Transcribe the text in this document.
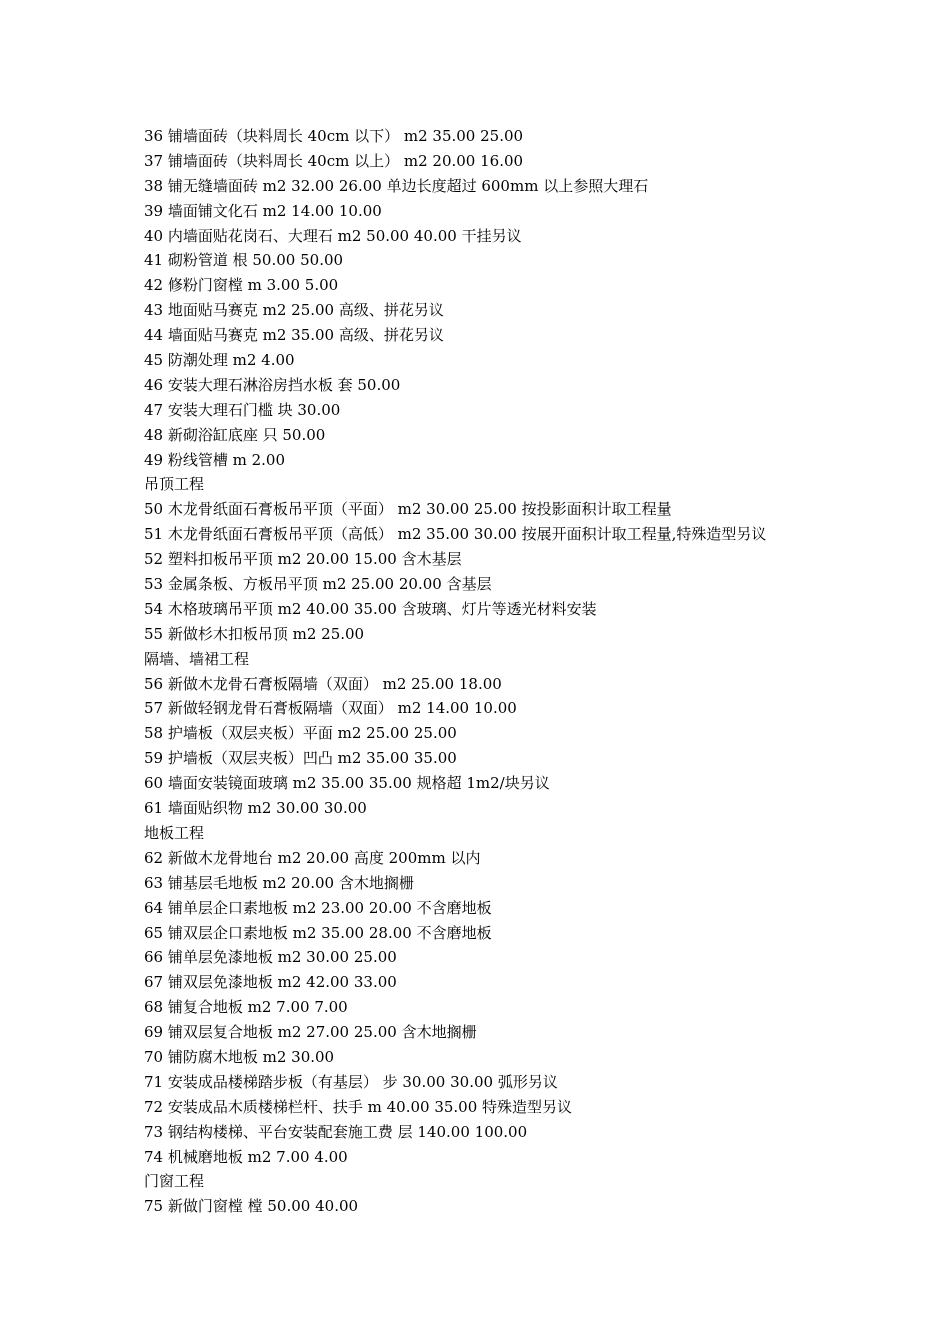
36 铺墙面砖（块料周长 40cm 以下） m2 35.00 25.00
37 铺墙面砖（块料周长 40cm 以上） m2 20.00 16.00
38 铺无缝墙面砖 m2 32.00 26.00 单边长度超过 600mm 以上参照大理石
39 墙面铺文化石 m2 14.00 10.00
40 内墙面贴花岗石、大理石 m2 50.00 40.00 干挂另议
41 砌粉管道 根 50.00 50.00
42 修粉门窗樘 m 3.00 5.00
43 地面贴马赛克 m2 25.00 高级、拼花另议
44 墙面贴马赛克 m2 35.00 高级、拼花另议
45 防潮处理 m2 4.00
46 安装大理石淋浴房挡水板 套 50.00
47 安装大理石门槛 块 30.00
48 新砌浴缸底座 只 50.00
49 粉线管槽 m 2.00
吊顶工程
50 木龙骨纸面石膏板吊平顶（平面） m2 30.00 25.00 按投影面积计取工程量
51 木龙骨纸面石膏板吊平顶（高低） m2 35.00 30.00 按展开面积计取工程量,特殊造型另议
52 塑料扣板吊平顶 m2 20.00 15.00 含木基层
53 金属条板、方板吊平顶 m2 25.00 20.00 含基层
54 木格玻璃吊平顶 m2 40.00 35.00 含玻璃、灯片等透光材料安装
55 新做杉木扣板吊顶 m2 25.00
隔墙、墙裙工程
56 新做木龙骨石膏板隔墙（双面） m2 25.00 18.00
57 新做轻钢龙骨石膏板隔墙（双面） m2 14.00 10.00
58 护墙板（双层夹板）平面 m2 25.00 25.00
59 护墙板（双层夹板）凹凸 m2 35.00 35.00
60 墙面安装镜面玻璃 m2 35.00 35.00 规格超 1m2/块另议
61 墙面贴织物 m2 30.00 30.00
地板工程
62 新做木龙骨地台 m2 20.00 高度 200mm 以内
63 铺基层毛地板 m2 20.00 含木地搁栅
64 铺单层企口素地板 m2 23.00 20.00 不含磨地板
65 铺双层企口素地板 m2 35.00 28.00 不含磨地板
66 铺单层免漆地板 m2 30.00 25.00
67 铺双层免漆地板 m2 42.00 33.00
68 铺复合地板 m2 7.00 7.00
69 铺双层复合地板 m2 27.00 25.00 含木地搁栅
70 铺防腐木地板 m2 30.00
71 安装成品楼梯踏步板（有基层） 步 30.00 30.00 弧形另议
72 安装成品木质楼梯栏杆、扶手 m 40.00 35.00 特殊造型另议
73 钢结构楼梯、平台安装配套施工费 层 140.00 100.00
74 机械磨地板 m2 7.00 4.00
门窗工程
75 新做门窗樘 樘 50.00 40.00
